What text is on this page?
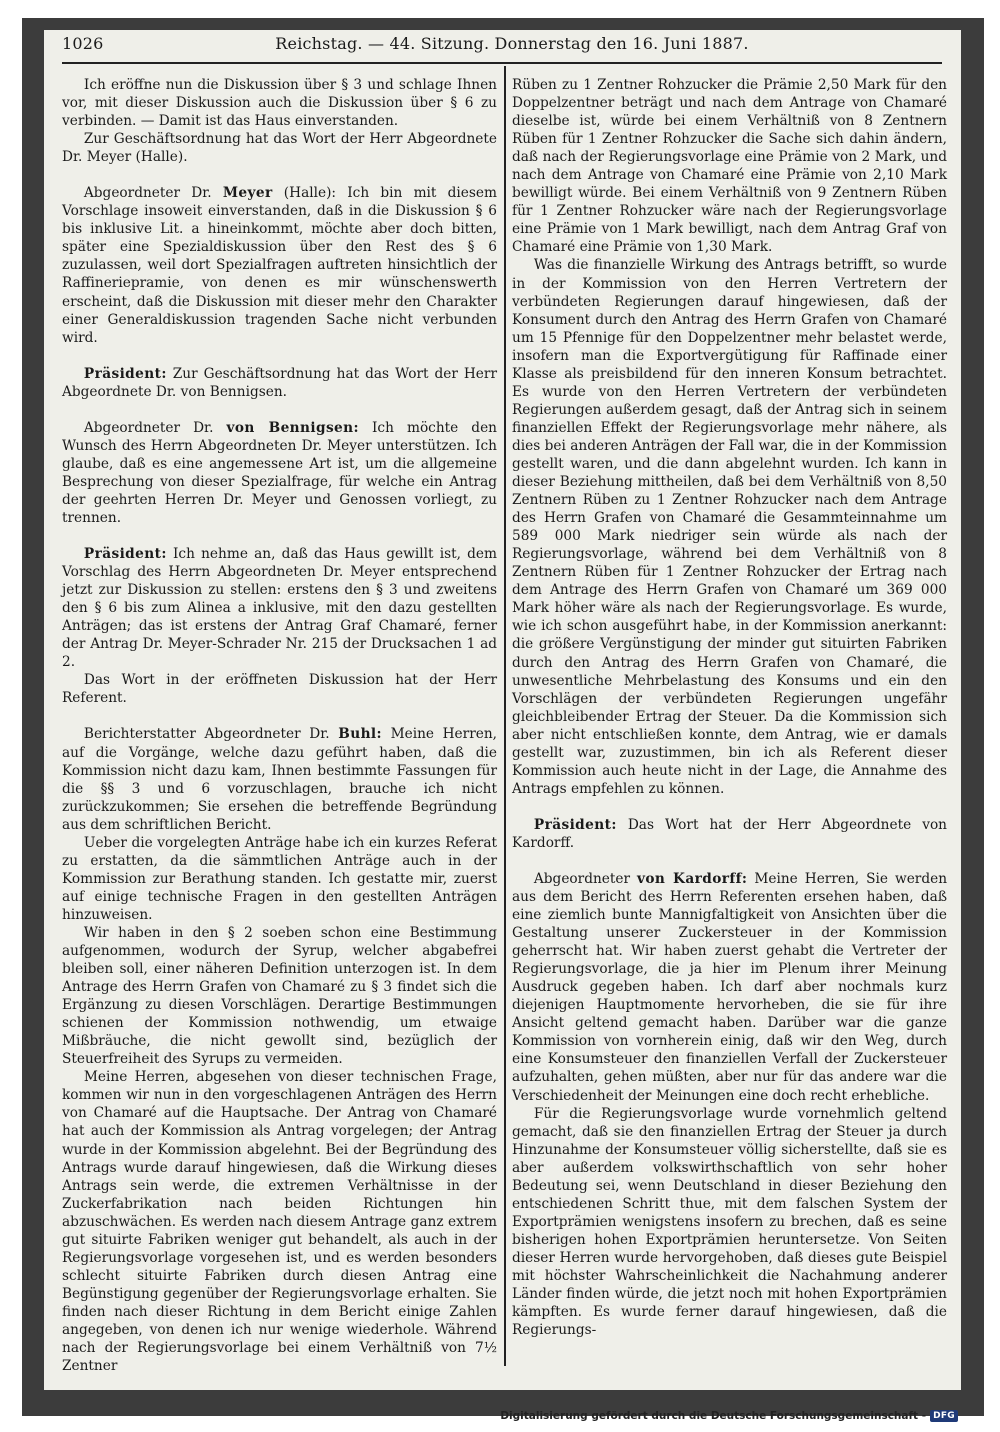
1026	Reichstag. — 44. Sitzung. Donnerstag den 16. Juni 1887.

Ich eröffne nun die Diskussion über § 3 und schlage Ihnen vor, mit dieser Diskussion auch die Diskussion über § 6 zu verbinden. — Damit ist das Haus einverstanden.

Zur Geschäftsordnung hat das Wort der Herr Abgeordnete Dr. Meyer (Halle).

Abgeordneter Dr. Meyer (Halle): Ich bin mit diesem Vorschlage insoweit einverstanden, daß in die Diskussion § 6 bis inklusive Lit. a hineinkommt, möchte aber doch bitten, später eine Spezialdiskussion über den Rest des § 6 zuzulassen, weil dort Spezialfragen auftreten hinsichtlich der Raffineriepramie, von denen es mir wünschenswerth erscheint, daß die Diskussion mit dieser mehr den Charakter einer Generaldiskussion tragenden Sache nicht verbunden wird.

Präsident: Zur Geschäftsordnung hat das Wort der Herr Abgeordnete Dr. von Bennigsen.

Abgeordneter Dr. von Bennigsen: Ich möchte den Wunsch des Herrn Abgeordneten Dr. Meyer unterstützen. Ich glaube, daß es eine angemessene Art ist, um die allgemeine Besprechung von dieser Spezialfrage, für welche ein Antrag der geehrten Herren Dr. Meyer und Genossen vorliegt, zu trennen.

Präsident: Ich nehme an, daß das Haus gewillt ist, dem Vorschlag des Herrn Abgeordneten Dr. Meyer entsprechend jetzt zur Diskussion zu stellen: erstens den § 3 und zweitens den § 6 bis zum Alinea a inklusive, mit den dazu gestellten Anträgen; das ist erstens der Antrag Graf Chamaré, ferner der Antrag Dr. Meyer-Schrader Nr. 215 der Drucksachen 1 ad 2.

Das Wort in der eröffneten Diskussion hat der Herr Referent.

Berichterstatter Abgeordneter Dr. Buhl: Meine Herren, auf die Vorgänge, welche dazu geführt haben, daß die Kommission nicht dazu kam, Ihnen bestimmte Fassungen für die §§ 3 und 6 vorzuschlagen, brauche ich nicht zurückzukommen; Sie ersehen die betreffende Begründung aus dem schriftlichen Bericht.

Ueber die vorgelegten Anträge habe ich ein kurzes Referat zu erstatten, da die sämmtlichen Anträge auch in der Kommission zur Berathung standen. Ich gestatte mir, zuerst auf einige technische Fragen in den gestellten Anträgen hinzuweisen.

Wir haben in den § 2 soeben schon eine Bestimmung aufgenommen, wodurch der Syrup, welcher abgabefrei bleiben soll, einer näheren Definition unterzogen ist. In dem Antrage des Herrn Grafen von Chamaré zu § 3 findet sich die Ergänzung zu diesen Vorschlägen. Derartige Bestimmungen schienen der Kommission nothwendig, um etwaige Mißbräuche, die nicht gewollt sind, bezüglich der Steuerfreiheit des Syrups zu vermeiden.

Meine Herren, abgesehen von dieser technischen Frage, kommen wir nun in den vorgeschlagenen Anträgen des Herrn von Chamaré auf die Hauptsache. Der Antrag von Chamaré hat auch der Kommission als Antrag vorgelegen; der Antrag wurde in der Kommission abgelehnt. Bei der Begründung des Antrags wurde darauf hingewiesen, daß die Wirkung dieses Antrags sein werde, die extremen Verhältnisse in der Zuckerfabrikation nach beiden Richtungen hin abzuschwächen. Es werden nach diesem Antrage ganz extrem gut situirte Fabriken weniger gut behandelt, als auch in der Regierungsvorlage vorgesehen ist, und es werden besonders schlecht situirte Fabriken durch diesen Antrag eine Begünstigung gegenüber der Regierungsvorlage erhalten. Sie finden nach dieser Richtung in dem Bericht einige Zahlen angegeben, von denen ich nur wenige wiederhole. Während nach der Regierungsvorlage bei einem Verhältniß von 7½ Zentner

Rüben zu 1 Zentner Rohzucker die Prämie 2,50 Mark für den Doppelzentner beträgt und nach dem Antrage von Chamaré dieselbe ist, würde bei einem Verhältniß von 8 Zentnern Rüben für 1 Zentner Rohzucker die Sache sich dahin ändern, daß nach der Regierungsvorlage eine Prämie von 2 Mark, und nach dem Antrage von Chamaré eine Prämie von 2,10 Mark bewilligt würde. Bei einem Verhältniß von 9 Zentnern Rüben für 1 Zentner Rohzucker wäre nach der Regierungsvorlage eine Prämie von 1 Mark bewilligt, nach dem Antrag Graf von Chamaré eine Prämie von 1,30 Mark.

Was die finanzielle Wirkung des Antrags betrifft, so wurde in der Kommission von den Herren Vertretern der verbündeten Regierungen darauf hingewiesen, daß der Konsument durch den Antrag des Herrn Grafen von Chamaré um 15 Pfennige für den Doppelzentner mehr belastet werde, insofern man die Exportvergütigung für Raffinade einer Klasse als preisbildend für den inneren Konsum betrachtet. Es wurde von den Herren Vertretern der verbündeten Regierungen außerdem gesagt, daß der Antrag sich in seinem finanziellen Effekt der Regierungsvorlage mehr nähere, als dies bei anderen Anträgen der Fall war, die in der Kommission gestellt waren, und die dann abgelehnt wurden. Ich kann in dieser Beziehung mittheilen, daß bei dem Verhältniß von 8,50 Zentnern Rüben zu 1 Zentner Rohzucker nach dem Antrage des Herrn Grafen von Chamaré die Gesammteinnahme um 589 000 Mark niedriger sein würde als nach der Regierungsvorlage, während bei dem Verhältniß von 8 Zentnern Rüben für 1 Zentner Rohzucker der Ertrag nach dem Antrage des Herrn Grafen von Chamaré um 369 000 Mark höher wäre als nach der Regierungsvorlage. Es wurde, wie ich schon ausgeführt habe, in der Kommission anerkannt: die größere Vergünstigung der minder gut situirten Fabriken durch den Antrag des Herrn Grafen von Chamaré, die unwesentliche Mehrbelastung des Konsums und ein den Vorschlägen der verbündeten Regierungen ungefähr gleichbleibender Ertrag der Steuer. Da die Kommission sich aber nicht entschließen konnte, dem Antrag, wie er damals gestellt war, zuzustimmen, bin ich als Referent dieser Kommission auch heute nicht in der Lage, die Annahme des Antrags empfehlen zu können.

Präsident: Das Wort hat der Herr Abgeordnete von Kardorff.

Abgeordneter von Kardorff: Meine Herren, Sie werden aus dem Bericht des Herrn Referenten ersehen haben, daß eine ziemlich bunte Mannigfaltigkeit von Ansichten über die Gestaltung unserer Zuckersteuer in der Kommission geherrscht hat. Wir haben zuerst gehabt die Vertreter der Regierungsvorlage, die ja hier im Plenum ihrer Meinung Ausdruck gegeben haben. Ich darf aber nochmals kurz diejenigen Hauptmomente hervorheben, die sie für ihre Ansicht geltend gemacht haben. Darüber war die ganze Kommission von vornherein einig, daß wir den Weg, durch eine Konsumsteuer den finanziellen Verfall der Zuckersteuer aufzuhalten, gehen müßten, aber nur für das andere war die Verschiedenheit der Meinungen eine doch recht erhebliche.

Für die Regierungsvorlage wurde vornehmlich geltend gemacht, daß sie den finanziellen Ertrag der Steuer ja durch Hinzunahme der Konsumsteuer völlig sicherstellte, daß sie es aber außerdem volkswirthschaftlich von sehr hoher Bedeutung sei, wenn Deutschland in dieser Beziehung den entschiedenen Schritt thue, mit dem falschen System der Exportprämien wenigstens insofern zu brechen, daß es seine bisherigen hohen Exportprämien heruntersetze. Von Seiten dieser Herren wurde hervorgehoben, daß dieses gute Beispiel mit höchster Wahrscheinlichkeit die Nachahmung anderer Länder finden würde, die jetzt noch mit hohen Exportprämien kämpften. Es wurde ferner darauf hingewiesen, daß die Regierungs-

Digitalisierung gefördert durch die Deutsche Forschungsgemeinschaft - DFG
